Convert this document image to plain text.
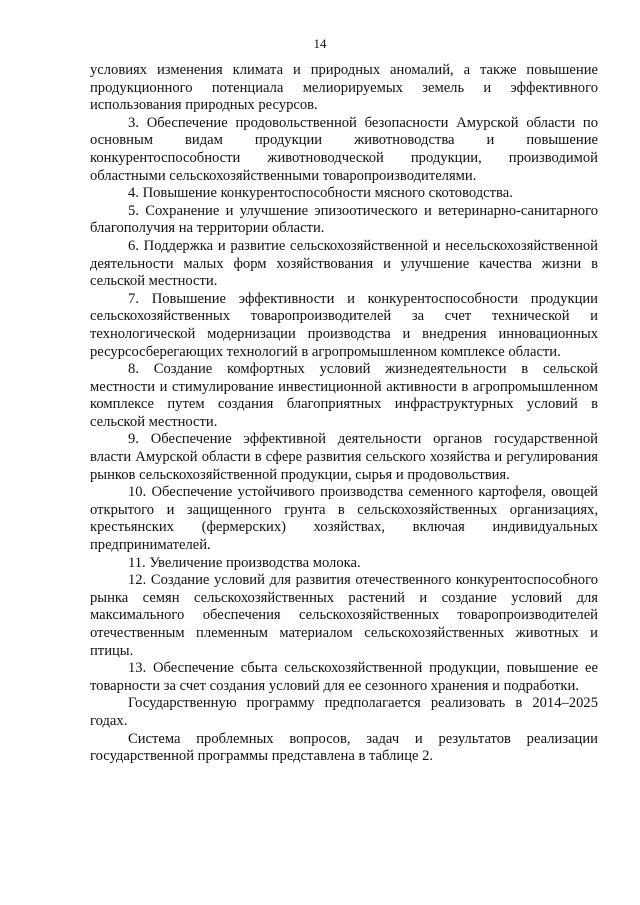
14

условиях изменения климата и природных аномалий, а также повышение продукционного потенциала мелиорируемых земель и эффективного использования природных ресурсов.

3. Обеспечение продовольственной безопасности Амурской области по основным видам продукции животноводства и повышение конкурентоспособности животноводческой продукции, производимой областными сельскохозяйственными товаропроизводителями.

4. Повышение конкурентоспособности мясного скотоводства.

5. Сохранение и улучшение эпизоотического и ветеринарно-санитарного благополучия на территории области.

6. Поддержка и развитие сельскохозяйственной и несельскохозяйственной деятельности малых форм хозяйствования и улучшение качества жизни в сельской местности.

7. Повышение эффективности и конкурентоспособности продукции сельскохозяйственных товаропроизводителей за счет технической и технологической модернизации производства и внедрения инновационных ресурсосберегающих технологий в агропромышленном комплексе области.

8. Создание комфортных условий жизнедеятельности в сельской местности и стимулирование инвестиционной активности в агропромышленном комплексе путем создания благоприятных инфраструктурных условий в сельской местности.

9. Обеспечение эффективной деятельности органов государственной власти Амурской области в сфере развития сельского хозяйства и регулирования рынков сельскохозяйственной продукции, сырья и продовольствия.

10. Обеспечение устойчивого производства семенного картофеля, овощей открытого и защищенного грунта в сельскохозяйственных организациях, крестьянских (фермерских) хозяйствах, включая индивидуальных предпринимателей.

11. Увеличение производства молока.

12. Создание условий для развития отечественного конкурентоспособного рынка семян сельскохозяйственных растений и создание условий для максимального обеспечения сельскохозяйственных товаропроизводителей отечественным племенным материалом сельскохозяйственных животных и птицы.

13. Обеспечение сбыта сельскохозяйственной продукции, повышение ее товарности за счет создания условий для ее сезонного хранения и подработки.

Государственную программу предполагается реализовать в 2014–2025 годах.

Система проблемных вопросов, задач и результатов реализации государственной программы представлена в таблице 2.
